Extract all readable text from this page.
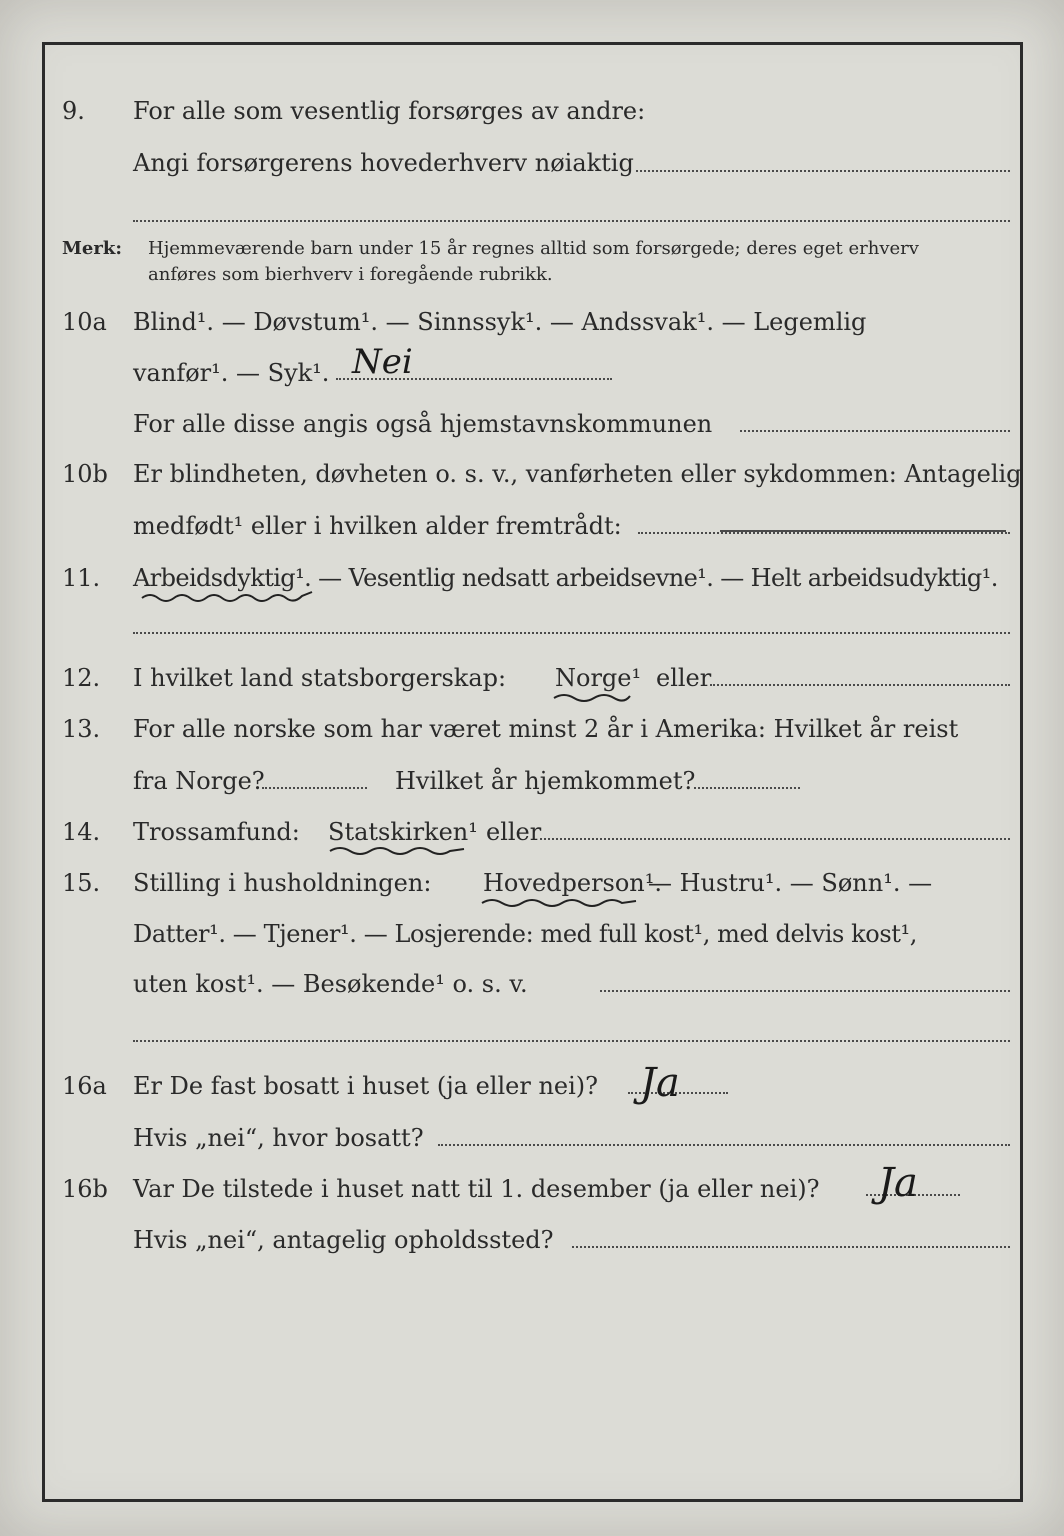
9. For alle som vesentlig forsørges av andre:
Angi forsørgerens hovederhverv nøiaktig
Merk: Hjemmeværende barn under 15 år regnes alltid som forsørgede; deres eget erhverv
anføres som bierhverv i foregående rubrikk.
10a Blind¹. — Døvstum¹. — Sinnssyk¹. — Andssvak¹. — Legemlig
vanfør¹. — Syk¹. Nei
For alle disse angis også hjemstavnskommunen
10b Er blindheten, døvheten o. s. v., vanførheten eller sykdommen: Antagelig
medfødt¹ eller i hvilken alder fremtrådt:
11. Arbeidsdyktig¹. — Vesentlig nedsatt arbeidsevne¹. — Helt arbeidsudyktig¹.
12. I hvilket land statsborgerskap: Norge¹ eller
13. For alle norske som har været minst 2 år i Amerika: Hvilket år reist
fra Norge?	Hvilket år hjemkommet?
14. Trossamfund: Statskirken¹ eller
15. Stilling i husholdningen: Hovedperson¹.
— Hustru¹. — Sønn¹. —
Datter¹. — Tjener¹. — Losjerende: med full kost¹, med delvis kost¹,
uten kost¹. — Besøkende¹ o. s. v.
16a Er De fast bosatt i huset (ja eller nei)? Ja
Hvis „nei“, hvor bosatt?
16b Var De tilstede i huset natt til 1. desember (ja eller nei)? Ja
Hvis „nei“, antagelig opholdssted?
